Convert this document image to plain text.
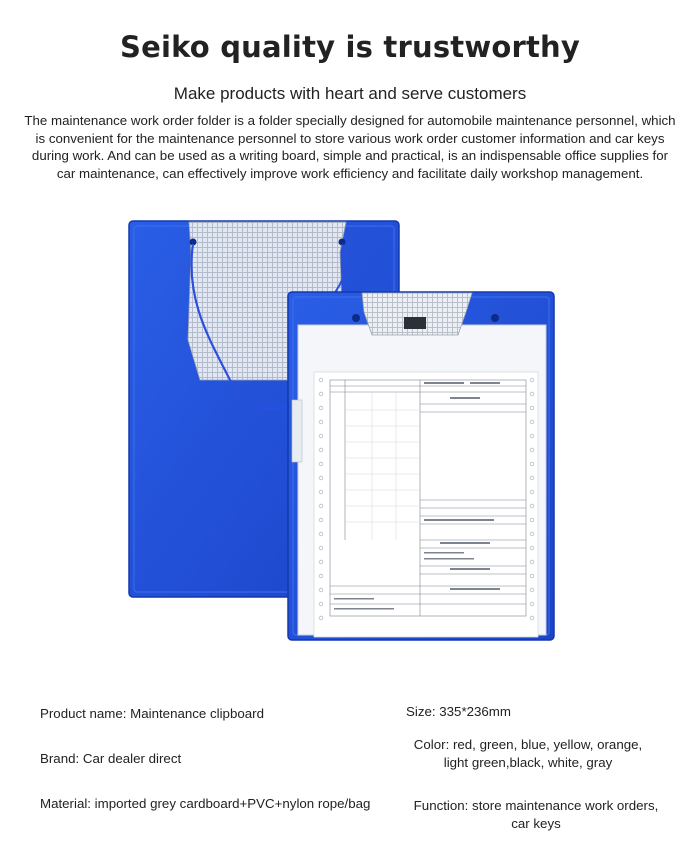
Seiko quality is trustworthy
Make products with heart and serve customers
The maintenance work order folder is a folder specially designed for automobile maintenance personnel, which is convenient for the maintenance personnel to store various work order customer information and car keys during work. And can be used as a writing board, simple and practical, is an indispensable office supplies for car maintenance, can effectively improve work efficiency and facilitate daily workshop management.
Product name: Maintenance clipboard
Brand: Car dealer direct
Material: imported grey cardboard+PVC+nylon rope/bag
Size: 335*236mm
Color: red, green, blue, yellow, orange,
light green,black, white, gray
Function: store maintenance work orders,
car keys
